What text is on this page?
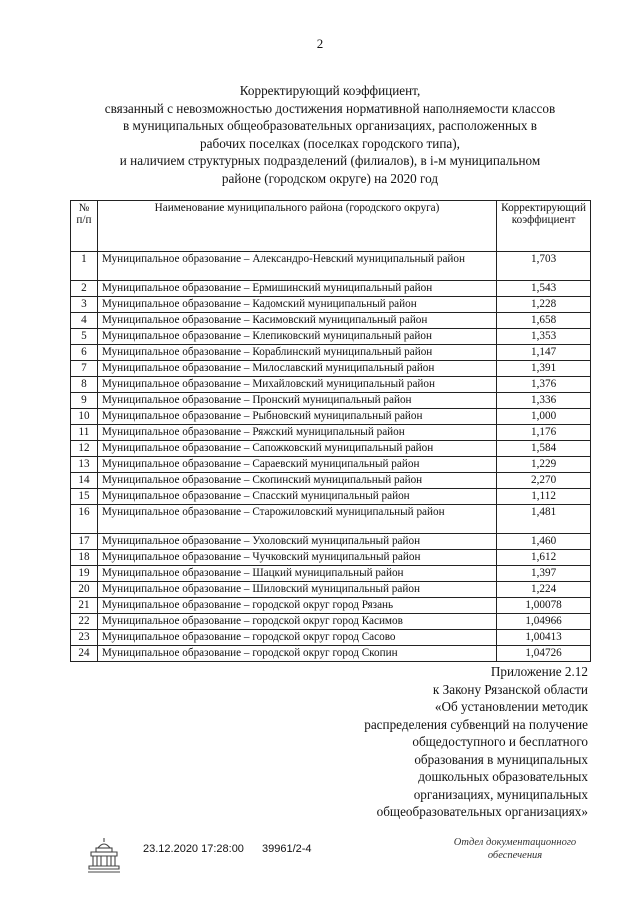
2
Корректирующий коэффициент,
связанный с невозможностью достижения нормативной наполняемости классов
в муниципальных общеобразовательных организациях, расположенных в
рабочих поселках (поселках городского типа),
и наличием структурных подразделений (филиалов), в i-м муниципальном
районе (городском округе) на 2020 год
№ п/п	Наименование муниципального района (городского округа)	Корректирующий коэффициент
1	Муниципальное образование – Александро-Невский муниципальный район	1,703
2	Муниципальное образование – Ермишинский муниципальный район	1,543
3	Муниципальное образование – Кадомский муниципальный район	1,228
4	Муниципальное образование – Касимовский муниципальный район	1,658
5	Муниципальное образование – Клепиковский муниципальный район	1,353
6	Муниципальное образование – Кораблинский муниципальный район	1,147
7	Муниципальное образование – Милославский муниципальный район	1,391
8	Муниципальное образование – Михайловский муниципальный район	1,376
9	Муниципальное образование – Пронский муниципальный район	1,336
10	Муниципальное образование – Рыбновский муниципальный район	1,000
11	Муниципальное образование – Ряжский муниципальный район	1,176
12	Муниципальное образование – Сапожковский муниципальный район	1,584
13	Муниципальное образование – Сараевский муниципальный район	1,229
14	Муниципальное образование – Скопинский муниципальный район	2,270
15	Муниципальное образование – Спасский муниципальный район	1,112
16	Муниципальное образование – Старожиловский муниципальный район	1,481
17	Муниципальное образование – Ухоловский муниципальный район	1,460
18	Муниципальное образование – Чучковский муниципальный район	1,612
19	Муниципальное образование – Шацкий муниципальный район	1,397
20	Муниципальное образование – Шиловский муниципальный район	1,224
21	Муниципальное образование – городской округ город Рязань	1,00078
22	Муниципальное образование – городской округ город Касимов	1,04966
23	Муниципальное образование – городской округ город Сасово	1,00413
24	Муниципальное образование – городской округ город Скопин	1,04726
Приложение 2.12
к Закону Рязанской области
«Об установлении методик
распределения субвенций на получение
общедоступного и бесплатного
образования в муниципальных
дошкольных образовательных
организациях, муниципальных
общеобразовательных организациях»
23.12.2020 17:28:00 39961/2-4
Отдел документационного
обеспечения
